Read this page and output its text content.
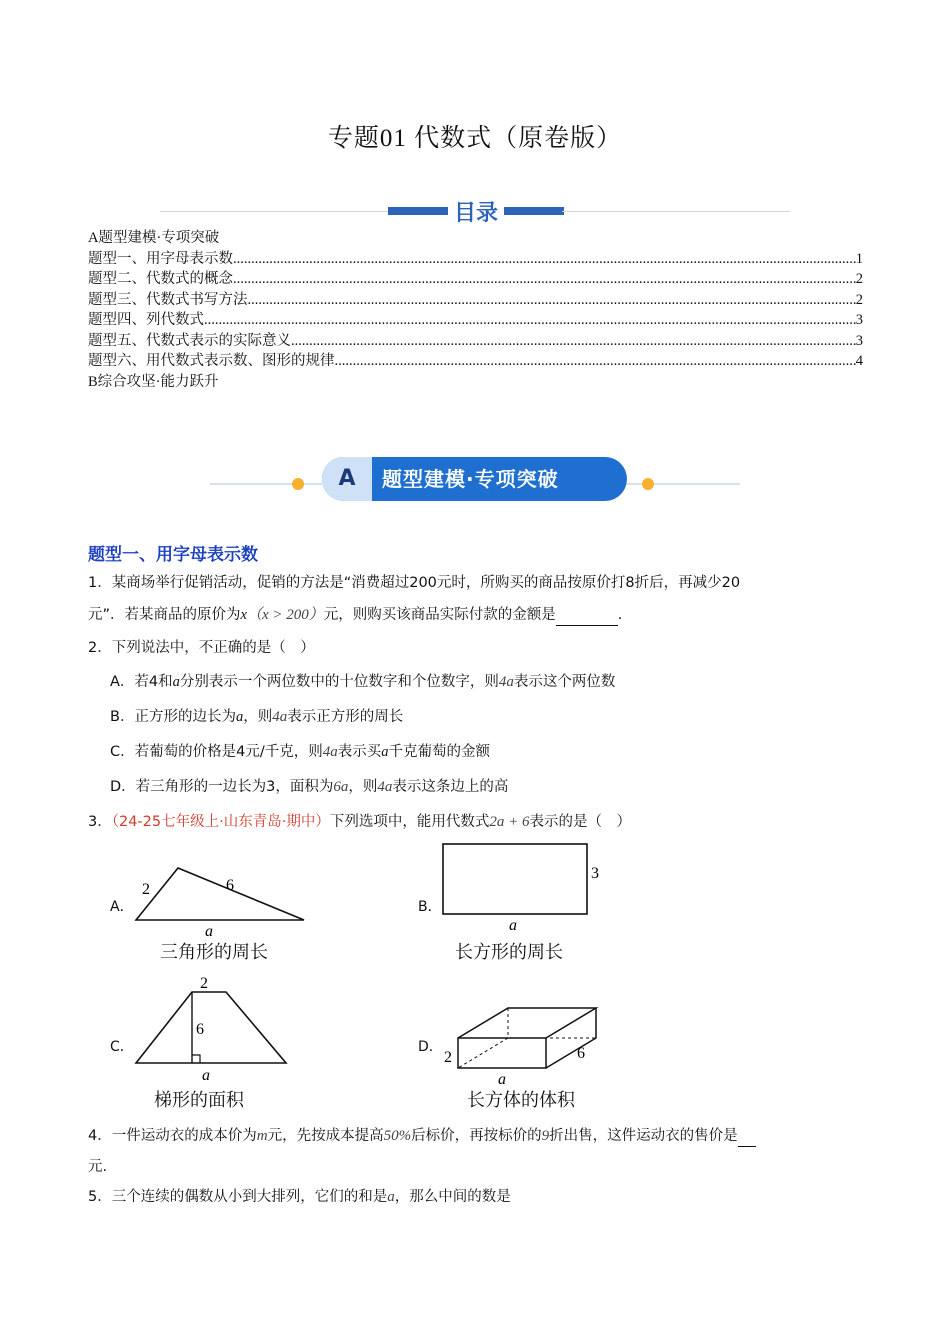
专题01 代数式（原卷版）
目录
A题型建模·专项突破
题型一、用字母表示数 .....	1
题型二、代数式的概念 .....	2
题型三、代数式书写方法 .....	2
题型四、列代数式 .....	3
题型五、代数式表示的实际意义 .....	3
题型六、用代数式表示数、图形的规律 .....	4
B综合攻坚·能力跃升
A	题型建模·专项突破
题型一、用字母表示数
1．某商场举行促销活动，促销的方法是“消费超过200元时，所购买的商品按原价打8折后，再减少20
元”．若某商品的原价为x（x > 200）元，则购买该商品实际付款的金额是	.
2．下列说法中，不正确的是（　）
A．若4和a分别表示一个两位数中的十位数字和个位数字，则4a表示这个两位数
B．正方形的边长为a，则4a表示正方形的周长
C．若葡萄的价格是4元/千克，则4a表示买a千克葡萄的金额
D．若三角形的一边长为3，面积为6a，则4a表示这条边上的高
3．（24-25七年级上·山东青岛·期中）下列选项中，能用代数式2a + 6表示的是（　）
A．
2	6
a
三角形的周长
B．
3
a
长方形的周长
C．
2
6
a
梯形的面积
D．
2	6
a
长方体的体积
4．一件运动衣的成本价为m元，先按成本提高50%后标价，再按标价的9折出售，这件运动衣的售价是
元.
5．三个连续的偶数从小到大排列，它们的和是a，那么中间的数是
